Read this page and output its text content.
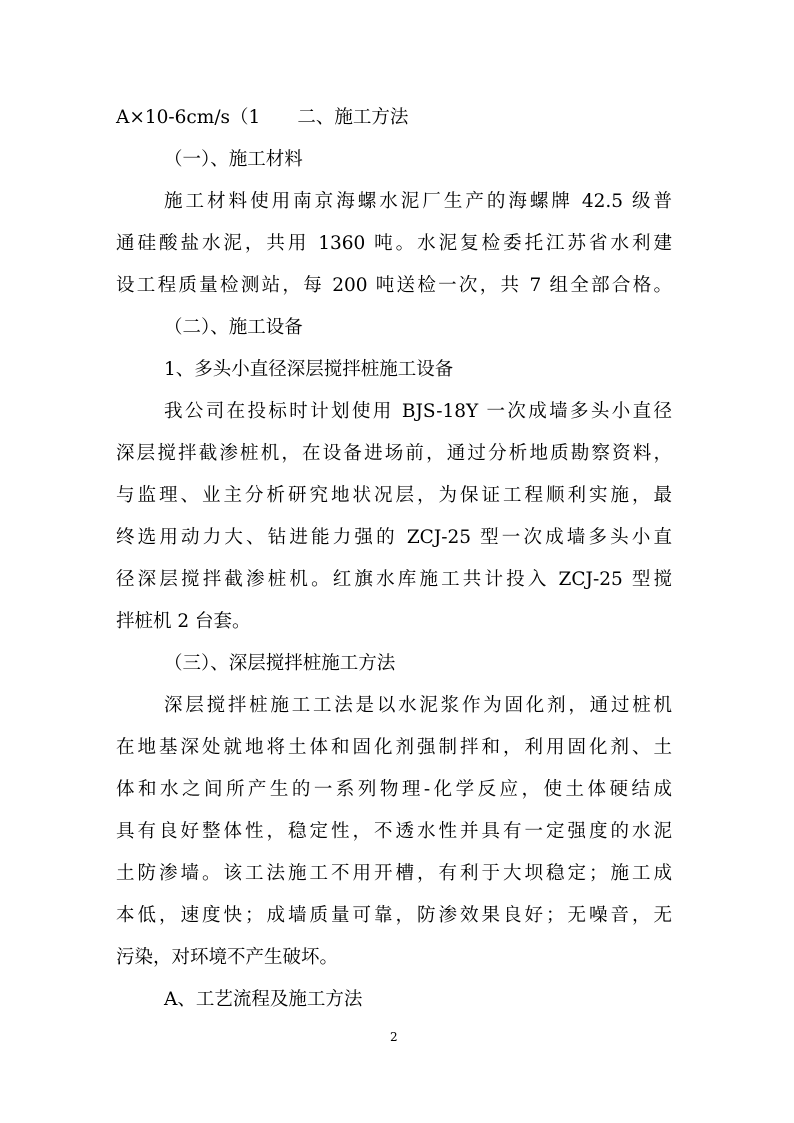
A×10-6cm/s（1　　二、施工方法
（一）、施工材料
施工材料使用南京海螺水泥厂生产的海螺牌 42.5 级普
通硅酸盐水泥，共用 1360 吨。水泥复检委托江苏省水利建
设工程质量检测站，每 200 吨送检一次，共 7 组全部合格。
（二）、施工设备
1、多头小直径深层搅拌桩施工设备
我公司在投标时计划使用 BJS-18Y 一次成墙多头小直径
深层搅拌截渗桩机，在设备进场前，通过分析地质勘察资料，
与监理、业主分析研究地状况层，为保证工程顺利实施，最
终选用动力大、钻进能力强的 ZCJ-25 型一次成墙多头小直
径深层搅拌截渗桩机。红旗水库施工共计投入 ZCJ-25 型搅
拌桩机 2 台套。
（三）、深层搅拌桩施工方法
深层搅拌桩施工工法是以水泥浆作为固化剂，通过桩机
在地基深处就地将土体和固化剂强制拌和，利用固化剂、土
体和水之间所产生的一系列物理-化学反应，使土体硬结成
具有良好整体性，稳定性，不透水性并具有一定强度的水泥
土防渗墙。该工法施工不用开槽，有利于大坝稳定；施工成
本低，速度快；成墙质量可靠，防渗效果良好；无噪音，无
污染，对环境不产生破坏。
A、工艺流程及施工方法
2
